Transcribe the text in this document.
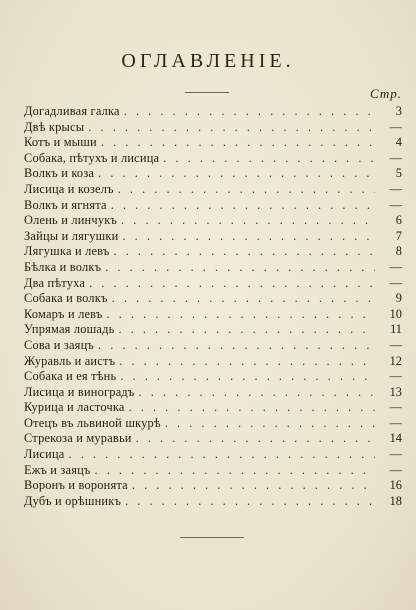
ОГЛАВЛЕНІЕ.
Стр.
Догадливая галка . . .	3
Двѣ крысы . . .	—
Котъ и мыши . . .	4
Собака, пѣтухъ и лисица . . .	—
Волкъ и коза . . .	5
Лисица и козелъ . . .	—
Волкъ и ягнята . . .	—
Олень и линчукъ . . .	6
Зайцы и лягушки . . .	7
Лягушка и левъ . . .	8
Бѣлка и волкъ . . .	—
Два пѣтуха . . .	—
Собака и волкъ . . .	9
Комаръ и левъ . . .	10
Упрямая лошадь . . .	11
Сова и заяцъ . . .	—
Журавль и аистъ . . .	12
Собака и ея тѣнь . . .	—
Лисица и виноградъ . . .	13
Курица и ласточка . . .	—
Отецъ въ львиной шкурѣ . . .	—
Стрекоза и муравьи . . .	14
Лисица . . .	—
Ежъ и заяцъ . . .	—
Воронъ и воронята . . .	16
Дубъ и орѣшникъ . . .	18
